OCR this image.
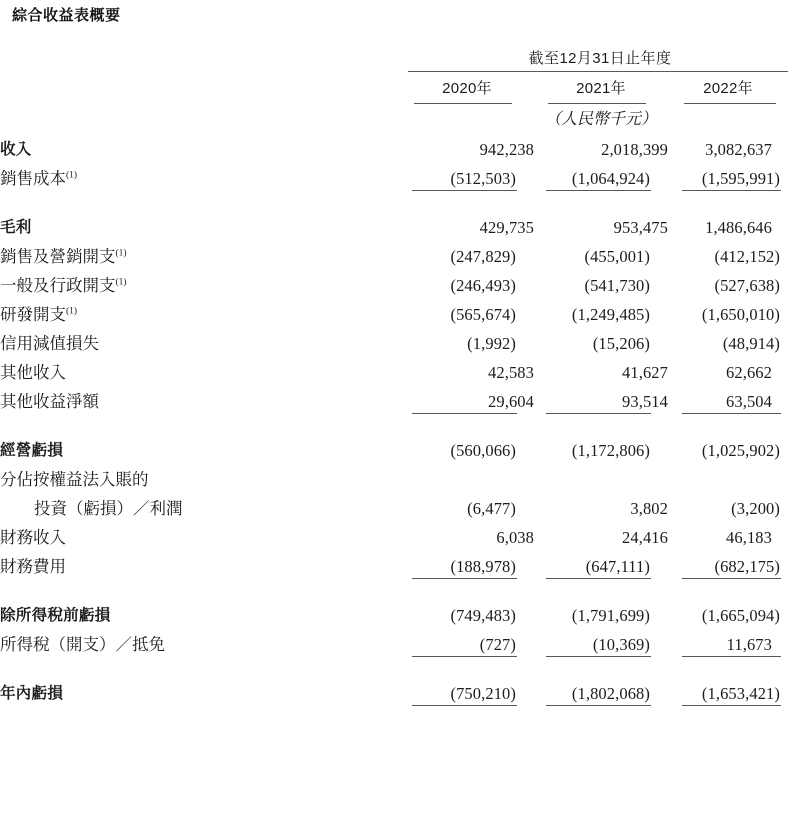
綜合收益表概要
	截至12月31日止年度		
	2020年	2021年	2022年
		（人民幣千元）	
收入	942,238	2,018,399	3,082,637
銷售成本$^{(1)}$	(512,503)	(1,064,924)	(1,595,991)

毛利	429,735	953,475	1,486,646
銷售及營銷開支$^{(1)}$	(247,829)	(455,001)	(412,152)
一般及行政開支$^{(1)}$	(246,493)	(541,730)	(527,638)
研發開支$^{(1)}$	(565,674)	(1,249,485)	(1,650,010)
信用減值損失	(1,992)	(15,206)	(48,914)
其他收入	42,583	41,627	62,662
其他收益淨額	29,604	93,514	63,504

經營虧損	(560,066)	(1,172,806)	(1,025,902)
分佔按權益法入賬的			
投資（虧損）／利潤	(6,477)	3,802	(3,200)
財務收入	6,038	24,416	46,183
財務費用	(188,978)	(647,111)	(682,175)

除所得稅前虧損	(749,483)	(1,791,699)	(1,665,094)
所得稅（開支）／抵免	(727)	(10,369)	11,673

年內虧損	(750,210)	(1,802,068)	(1,653,421)
